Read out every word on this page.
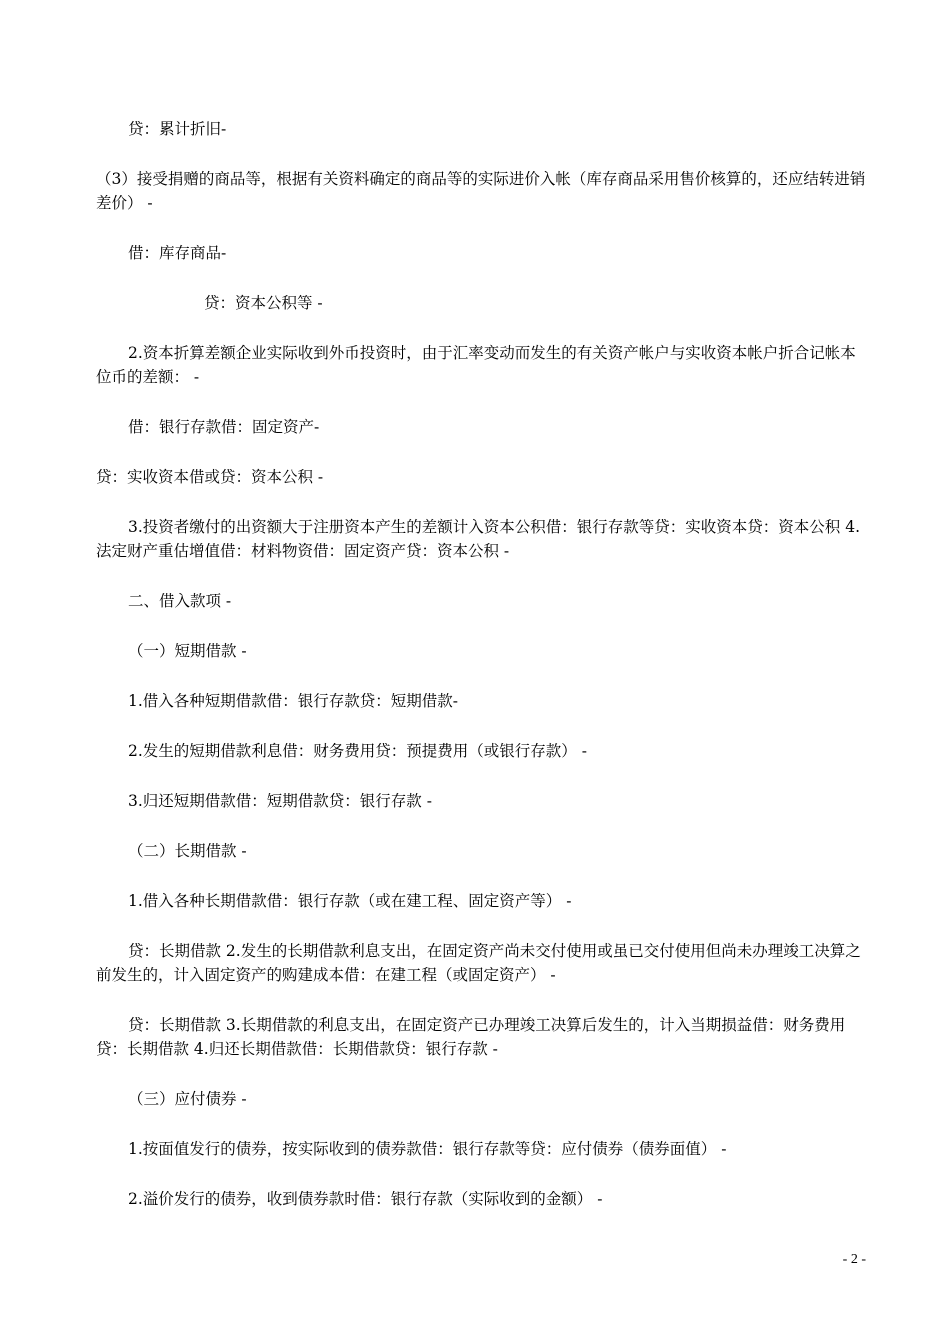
贷：累计折旧-

（3）接受捐赠的商品等，根据有关资料确定的商品等的实际进价入帐（库存商品采用售价核算的，还应结转进销差价） -

借：库存商品-

贷：资本公积等 -

2.资本折算差额企业实际收到外币投资时，由于汇率变动而发生的有关资产帐户与实收资本帐户折合记帐本位币的差额： -

借：银行存款借：固定资产-

贷：实收资本借或贷：资本公积 -

3.投资者缴付的出资额大于注册资本产生的差额计入资本公积借：银行存款等贷：实收资本贷：资本公积 4.法定财产重估增值借：材料物资借：固定资产贷：资本公积 -

二、借入款项 -

（一）短期借款 -

1.借入各种短期借款借：银行存款贷：短期借款-

2.发生的短期借款利息借：财务费用贷：预提费用（或银行存款） -

3.归还短期借款借：短期借款贷：银行存款 -

（二）长期借款 -

1.借入各种长期借款借：银行存款（或在建工程、固定资产等） -

贷：长期借款 2.发生的长期借款利息支出，在固定资产尚未交付使用或虽已交付使用但尚未办理竣工决算之前发生的，计入固定资产的购建成本借：在建工程（或固定资产） -

贷：长期借款 3.长期借款的利息支出，在固定资产已办理竣工决算后发生的，计入当期损益借：财务费用贷：长期借款 4.归还长期借款借：长期借款贷：银行存款 -

（三）应付债券 -

1.按面值发行的债券，按实际收到的债券款借：银行存款等贷：应付债券（债券面值） -

2.溢价发行的债券，收到债券款时借：银行存款（实际收到的金额） -

- 2 -
